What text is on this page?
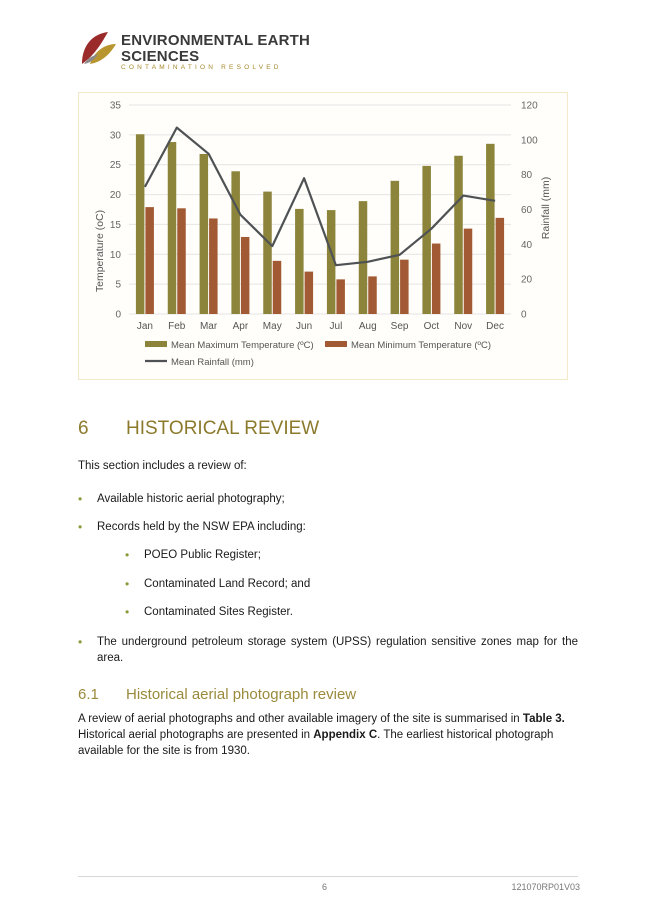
ENVIRONMENTAL EARTH
SCIENCES
CONTAMINATION RESOLVED
0
5
10
15
20
25
30
35
0
20
40
60
80
100
120
Jan Feb Mar Apr May Jun Jul Aug Sep Oct Nov Dec
Temperature (oC)
Rainfall (mm)
Mean Maximum Temperature (ºC)	Mean Minimum Temperature (ºC)
Mean Rainfall (mm)
6 HISTORICAL REVIEW
This section includes a review of:
• Available historic aerial photography;
• Records held by the NSW EPA including:
• POEO Public Register;
• Contaminated Land Record; and
• Contaminated Sites Register.
• The underground petroleum storage system (UPSS) regulation sensitive zones map for the area.
6.1 Historical aerial photograph review
A review of aerial photographs and other available imagery of the site is summarised in Table 3. Historical aerial photographs are presented in Appendix C. The earliest historical photograph available for the site is from 1930.
6	121070RP01V03
